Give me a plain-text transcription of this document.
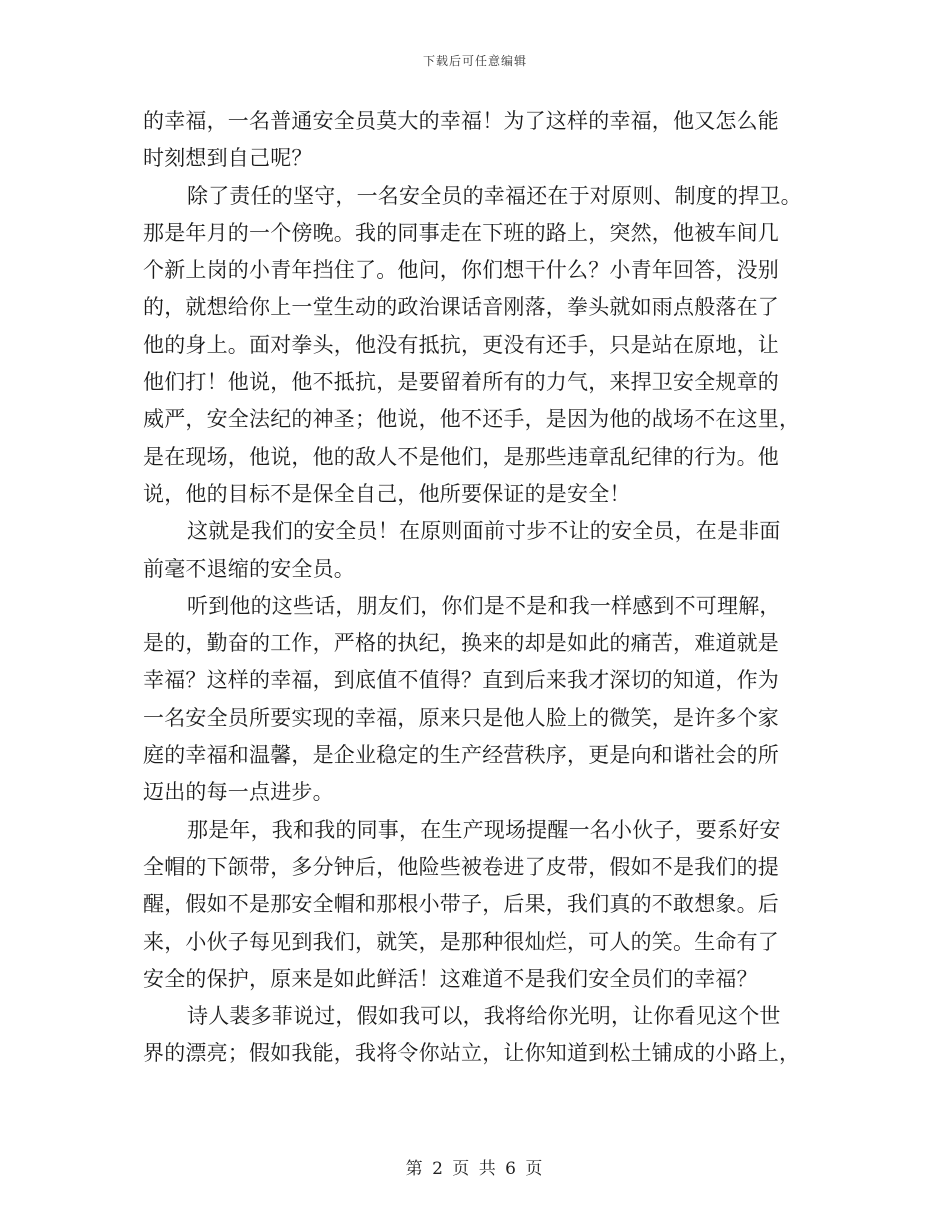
下载后可任意编辑
的幸福，一名普通安全员莫大的幸福！为了这样的幸福，他又怎么能
时刻想到自己呢？
除了责任的坚守，一名安全员的幸福还在于对原则、制度的捍卫。
那是年月的一个傍晚。我的同事走在下班的路上，突然，他被车间几
个新上岗的小青年挡住了。他问，你们想干什么？小青年回答，没别
的，就想给你上一堂生动的政治课话音刚落，拳头就如雨点般落在了
他的身上。面对拳头，他没有抵抗，更没有还手，只是站在原地，让
他们打！他说，他不抵抗，是要留着所有的力气，来捍卫安全规章的
威严，安全法纪的神圣；他说，他不还手，是因为他的战场不在这里，
是在现场，他说，他的敌人不是他们，是那些违章乱纪律的行为。他
说，他的目标不是保全自己，他所要保证的是安全！
这就是我们的安全员！在原则面前寸步不让的安全员，在是非面
前毫不退缩的安全员。
听到他的这些话，朋友们，你们是不是和我一样感到不可理解，
是的，勤奋的工作，严格的执纪，换来的却是如此的痛苦，难道就是
幸福？这样的幸福，到底值不值得？直到后来我才深切的知道，作为
一名安全员所要实现的幸福，原来只是他人脸上的微笑，是许多个家
庭的幸福和温馨，是企业稳定的生产经营秩序，更是向和谐社会的所
迈出的每一点进步。
那是年，我和我的同事，在生产现场提醒一名小伙子，要系好安
全帽的下颌带，多分钟后，他险些被卷进了皮带，假如不是我们的提
醒，假如不是那安全帽和那根小带子，后果，我们真的不敢想象。后
来，小伙子每见到我们，就笑，是那种很灿烂，可人的笑。生命有了
安全的保护，原来是如此鲜活！这难道不是我们安全员们的幸福？
诗人裴多菲说过，假如我可以，我将给你光明，让你看见这个世
界的漂亮；假如我能，我将令你站立，让你知道到松土铺成的小路上，
第 2 页 共 6 页
